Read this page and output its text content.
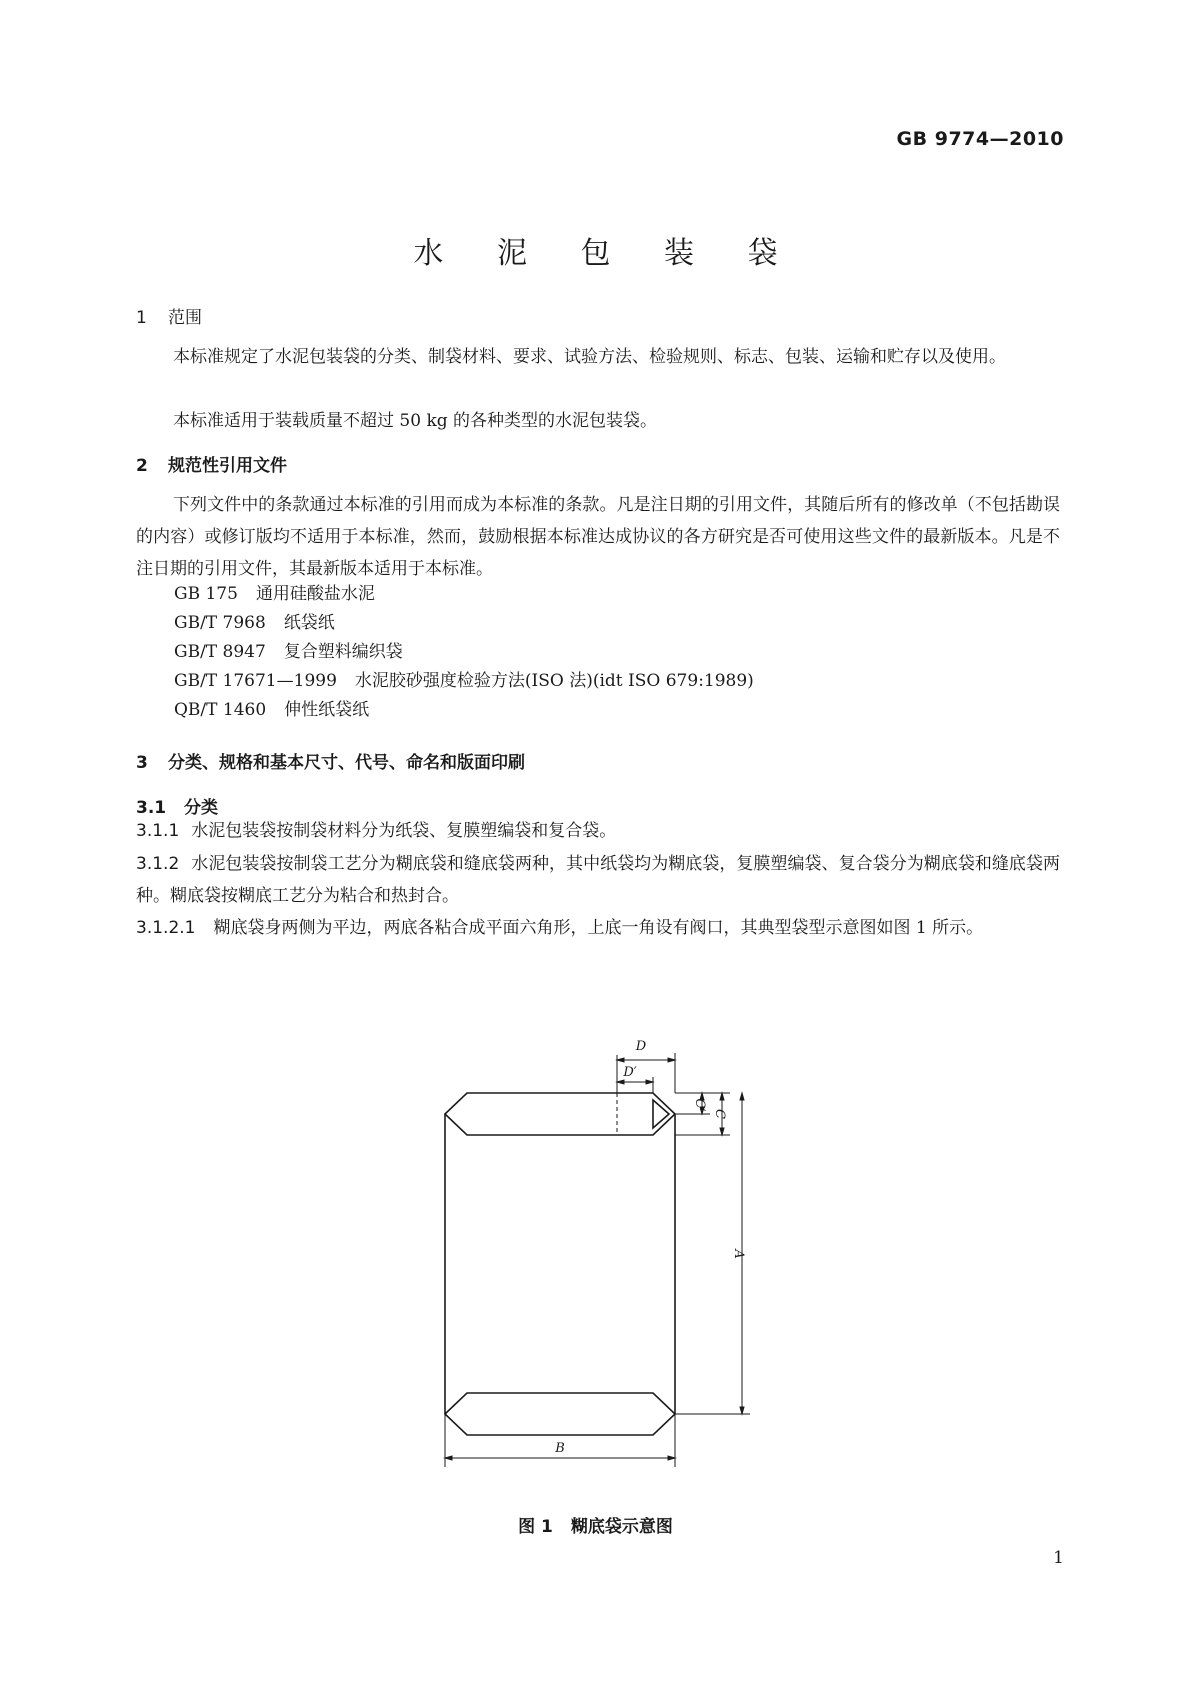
GB 9774—2010
水 泥 包 装 袋
1 范围
本标准规定了水泥包装袋的分类、制袋材料、要求、试验方法、检验规则、标志、包装、运输和贮存以及使用。
本标准适用于装载质量不超过 50 kg 的各种类型的水泥包装袋。
2 规范性引用文件
下列文件中的条款通过本标准的引用而成为本标准的条款。凡是注日期的引用文件，其随后所有的修改单（不包括勘误的内容）或修订版均不适用于本标准，然而，鼓励根据本标准达成协议的各方研究是否可使用这些文件的最新版本。凡是不注日期的引用文件，其最新版本适用于本标准。
GB 175 通用硅酸盐水泥
GB/T 7968 纸袋纸
GB/T 8947 复合塑料编织袋
GB/T 17671—1999 水泥胶砂强度检验方法(ISO 法)(idt ISO 679:1989)
QB/T 1460 伸性纸袋纸
3 分类、规格和基本尺寸、代号、命名和版面印刷
3.1 分类
3.1.1 水泥包装袋按制袋材料分为纸袋、复膜塑编袋和复合袋。
3.1.2 水泥包装袋按制袋工艺分为糊底袋和缝底袋两种，其中纸袋均为糊底袋，复膜塑编袋、复合袋分为糊底袋和缝底袋两种。糊底袋按糊底工艺分为粘合和热封合。
3.1.2.1 糊底袋身两侧为平边，两底各粘合成平面六角形，上底一角设有阀口，其典型袋型示意图如图 1 所示。
D
D′
C′
C
A
B
图 1 糊底袋示意图
1
